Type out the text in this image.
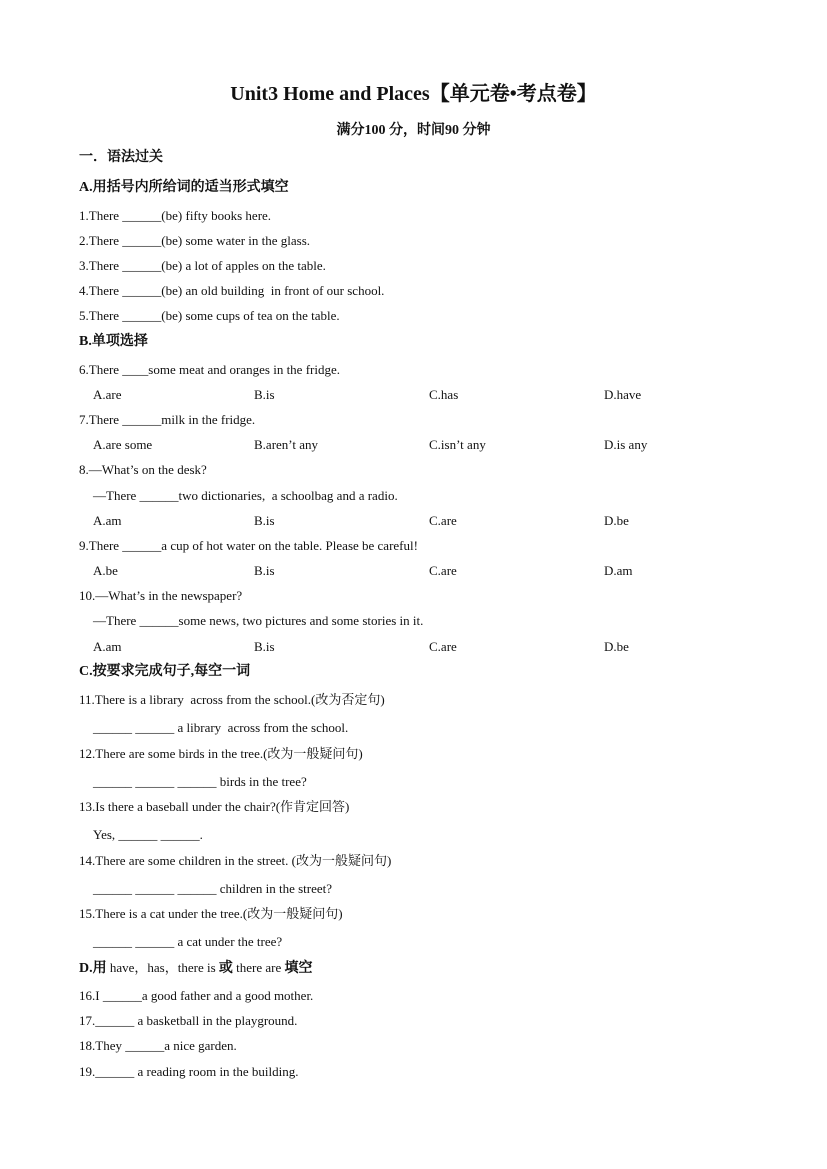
Unit3 Home and Places【单元卷•考点卷】
满分100 分，时间90 分钟
一．语法过关
A.用括号内所给词的适当形式填空
1.There ______(be) fifty books here.
2.There ______(be) some water in the glass.
3.There ______(be) a lot of apples on the table.
4.There ______(be) an old building  in front of our school.
5.There ______(be) some cups of tea on the table.
B.单项选择
6.There ____some meat and oranges in the fridge.
A.are	B.is	C.has	D.have
7.There ______milk in the fridge.
A.are some	B.aren’t any	C.isn’t any	D.is any
8.—What’s on the desk?
—There ______two dictionaries,  a schoolbag and a radio.
A.am	B.is	C.are	D.be
9.There ______a cup of hot water on the table. Please be careful!
A.be	B.is	C.are	D.am
10.—What’s in the newspaper?
—There ______some news, two pictures and some stories in it.
A.am	B.is	C.are	D.be
C.按要求完成句子,每空一词
11.There is a library  across from the school.(改为否定句)
______ ______ a library  across from the school.
12.There are some birds in the tree.(改为一般疑问句)
______ ______ ______ birds in the tree?
13.Is there a baseball under the chair?(作肯定回答)
Yes, ______ ______.
14.There are some children in the street. (改为一般疑问句)
______ ______ ______ children in the street?
15.There is a cat under the tree.(改为一般疑问句)
______ ______ a cat under the tree?
D.用 have，has，there is 或 there are 填空
16.I ______a good father and a good mother.
17.______ a basketball in the playground.
18.They ______a nice garden.
19.______ a reading room in the building.
